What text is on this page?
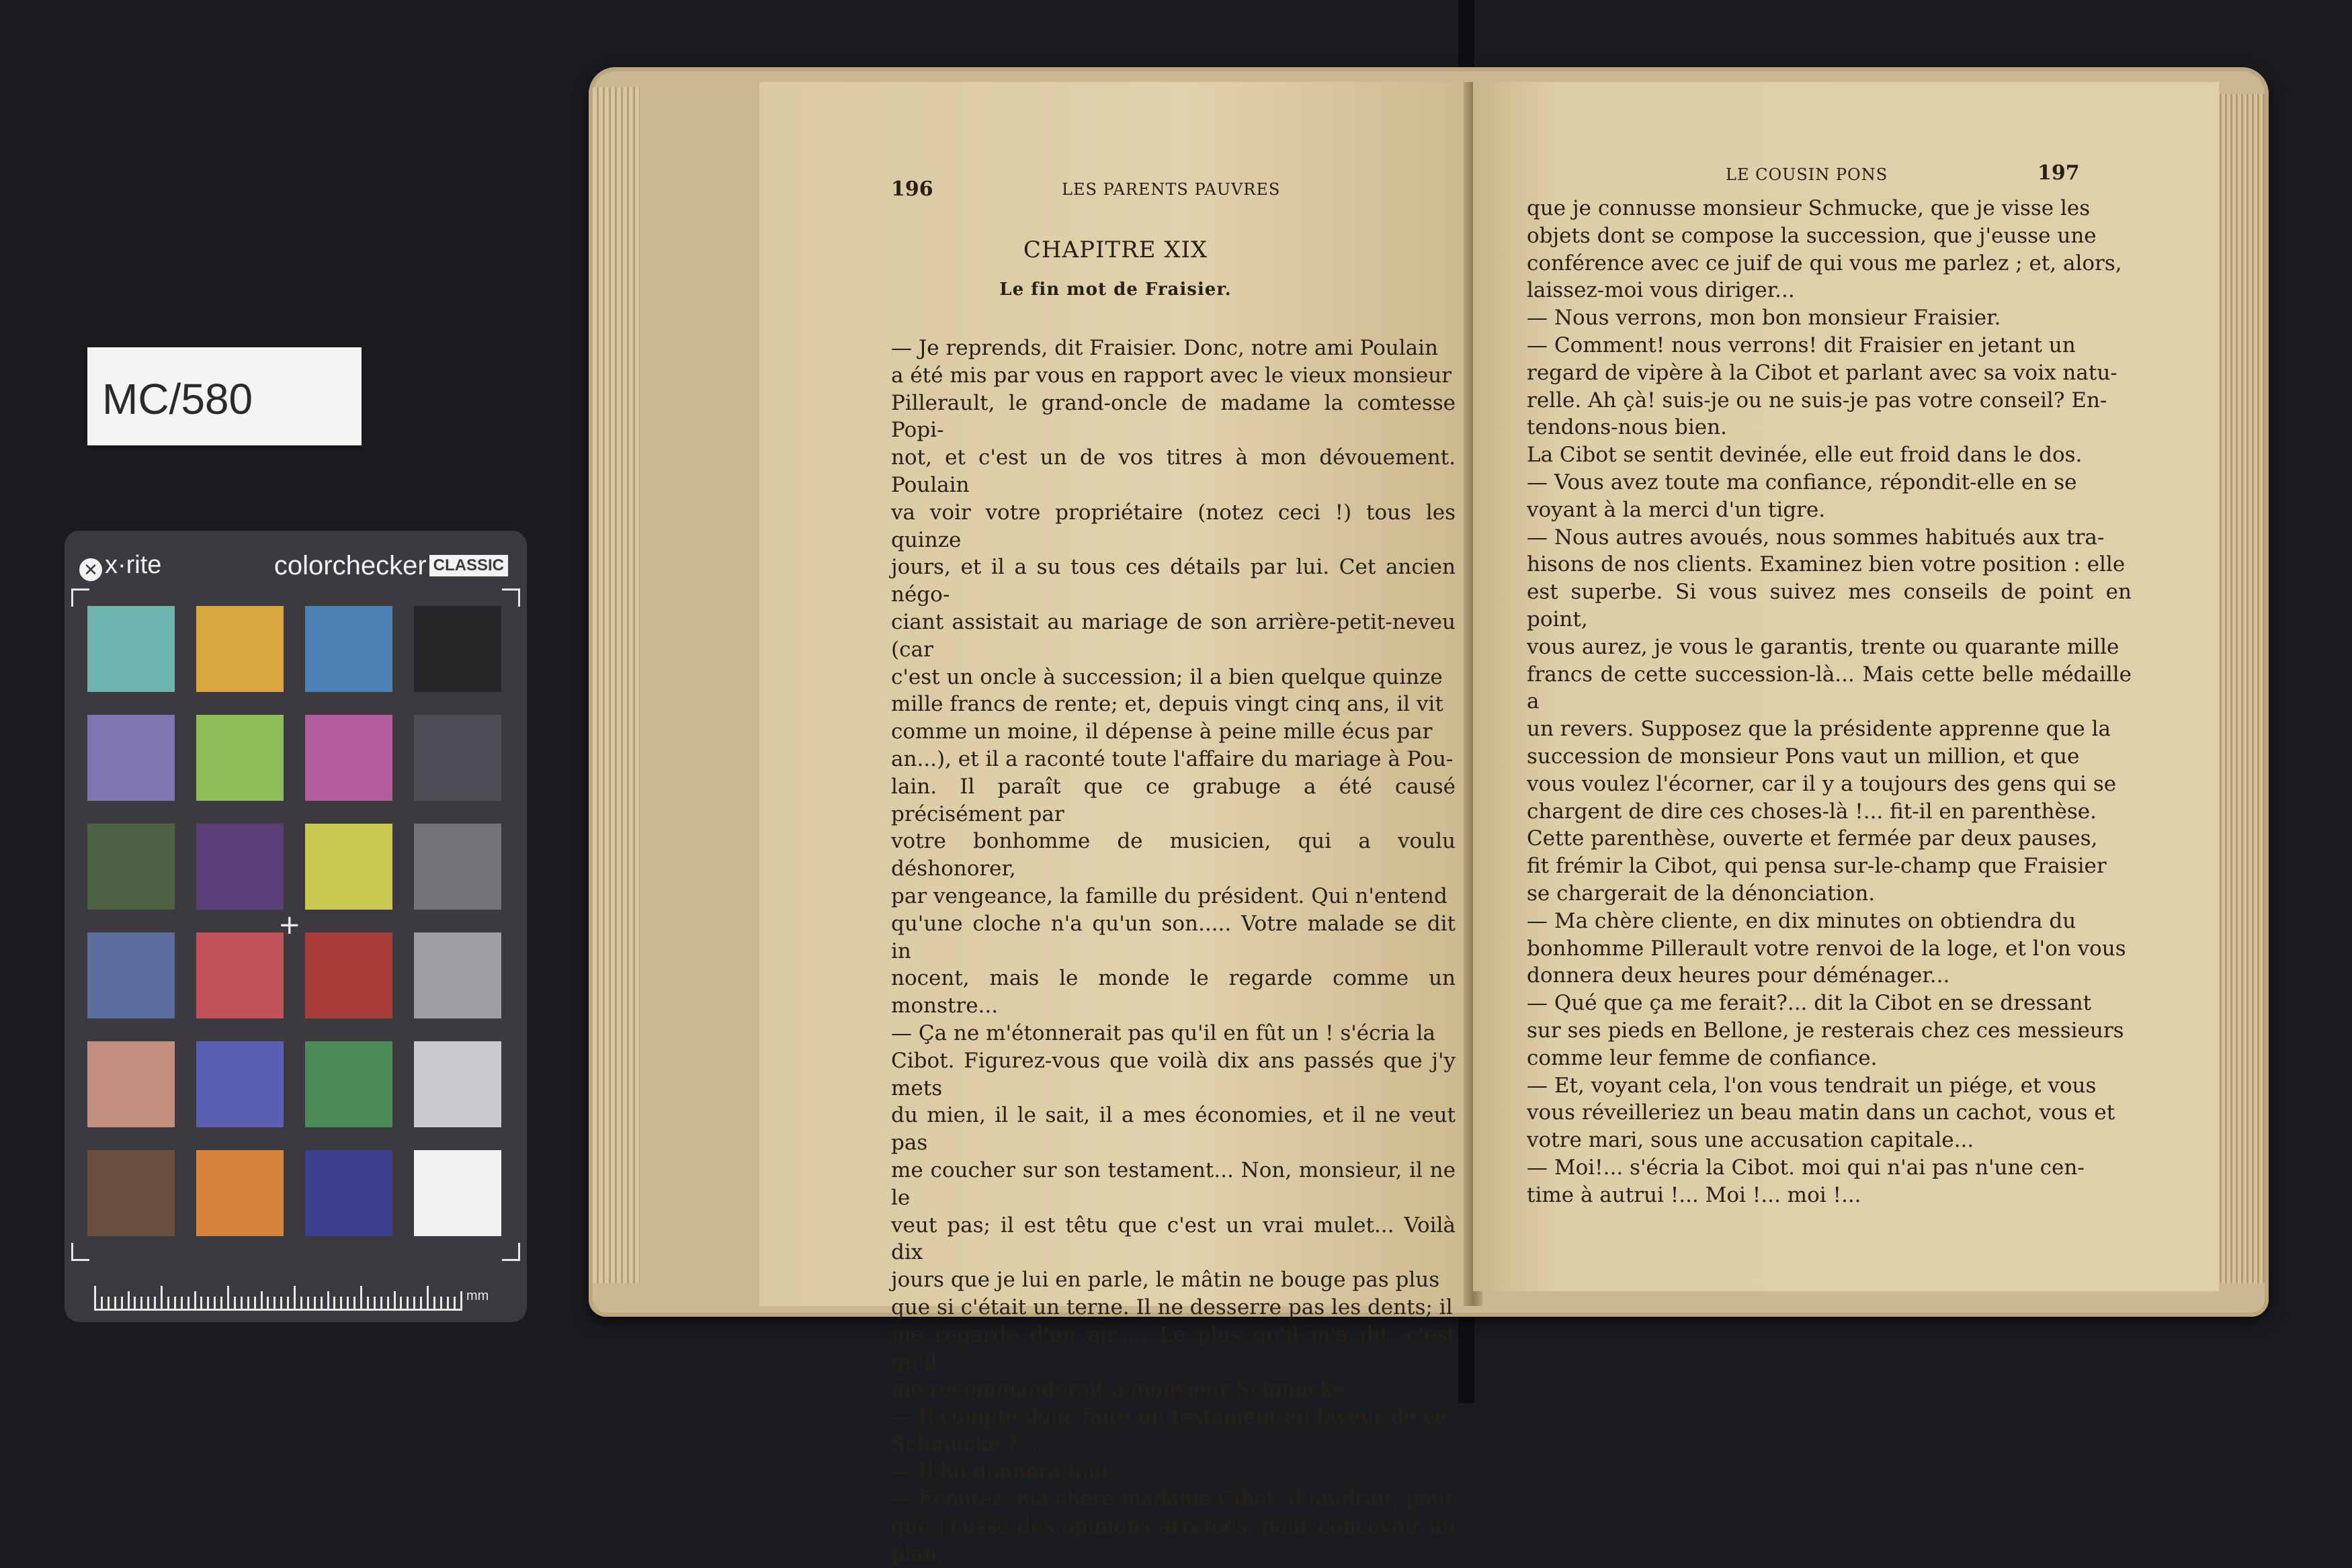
MC/580
✕ x·rite	colorchecker CLASSIC
+
mm
196	LES PARENTS PAUVRES
CHAPITRE XIX
Le fin mot de Fraisier.

— Je reprends, dit Fraisier. Donc, notre ami Poulain

a été mis par vous en rapport avec le vieux monsieur

Pillerault, le grand-oncle de madame la comtesse Popi-

not, et c'est un de vos titres à mon dévouement. Poulain

va voir votre propriétaire (notez ceci !) tous les quinze

jours, et il a su tous ces détails par lui. Cet ancien négo-

ciant assistait au mariage de son arrière-petit-neveu (car

c'est un oncle à succession; il a bien quelque quinze

mille francs de rente; et, depuis vingt cinq ans, il vit

comme un moine, il dépense à peine mille écus par

an...), et il a raconté toute l'affaire du mariage à Pou-

lain. Il paraît que ce grabuge a été causé précisément par

votre bonhomme de musicien, qui a voulu déshonorer,

par vengeance, la famille du président. Qui n'entend

qu'une cloche n'a qu'un son..... Votre malade se dit in

nocent, mais le monde le regarde comme un monstre...

— Ça ne m'étonnerait pas qu'il en fût un ! s'écria la

Cibot. Figurez-vous que voilà dix ans passés que j'y mets

du mien, il le sait, il a mes économies, et il ne veut pas

me coucher sur son testament... Non, monsieur, il ne le

veut pas; il est têtu que c'est un vrai mulet... Voilà dix

jours que je lui en parle, le mâtin ne bouge pas plus

que si c'était un terne. Il ne desserre pas les dents; il

me regarde d'un air..... Le plus qu'il m'a dit, c'est qu'il

me recommanderait à monsieur Schmucke.

— Il compte donc faire un testament en faveur de ce

Schmucke ?...

— Il lui donnera tout...

— Écoutez, ma chère madame Cibot, il faudrait, pour

que j'eusse des opinions arrêtées, pour concevoir un plan,

LE COUSIN PONS	197

que je connusse monsieur Schmucke, que je visse les

objets dont se compose la succession, que j'eusse une

conférence avec ce juif de qui vous me parlez ; et, alors,

laissez-moi vous diriger...

— Nous verrons, mon bon monsieur Fraisier.

— Comment! nous verrons! dit Fraisier en jetant un

regard de vipère à la Cibot et parlant avec sa voix natu-

relle. Ah çà! suis-je ou ne suis-je pas votre conseil? En-

tendons-nous bien.

La Cibot se sentit devinée, elle eut froid dans le dos.

— Vous avez toute ma confiance, répondit-elle en se

voyant à la merci d'un tigre.

— Nous autres avoués, nous sommes habitués aux tra-

hisons de nos clients. Examinez bien votre position : elle

est superbe. Si vous suivez mes conseils de point en point,

vous aurez, je vous le garantis, trente ou quarante mille

francs de cette succession-là... Mais cette belle médaille a

un revers. Supposez que la présidente apprenne que la

succession de monsieur Pons vaut un million, et que

vous voulez l'écorner, car il y a toujours des gens qui se

chargent de dire ces choses-là !... fit-il en parenthèse.

Cette parenthèse, ouverte et fermée par deux pauses,

fit frémir la Cibot, qui pensa sur-le-champ que Fraisier

se chargerait de la dénonciation.

— Ma chère cliente, en dix minutes on obtiendra du

bonhomme Pillerault votre renvoi de la loge, et l'on vous

donnera deux heures pour déménager...

— Qué que ça me ferait?... dit la Cibot en se dressant

sur ses pieds en Bellone, je resterais chez ces messieurs

comme leur femme de confiance.

— Et, voyant cela, l'on vous tendrait un piége, et vous

vous réveilleriez un beau matin dans un cachot, vous et

votre mari, sous une accusation capitale...

— Moi!... s'écria la Cibot. moi qui n'ai pas n'une cen-

time à autrui !... Moi !... moi !...
